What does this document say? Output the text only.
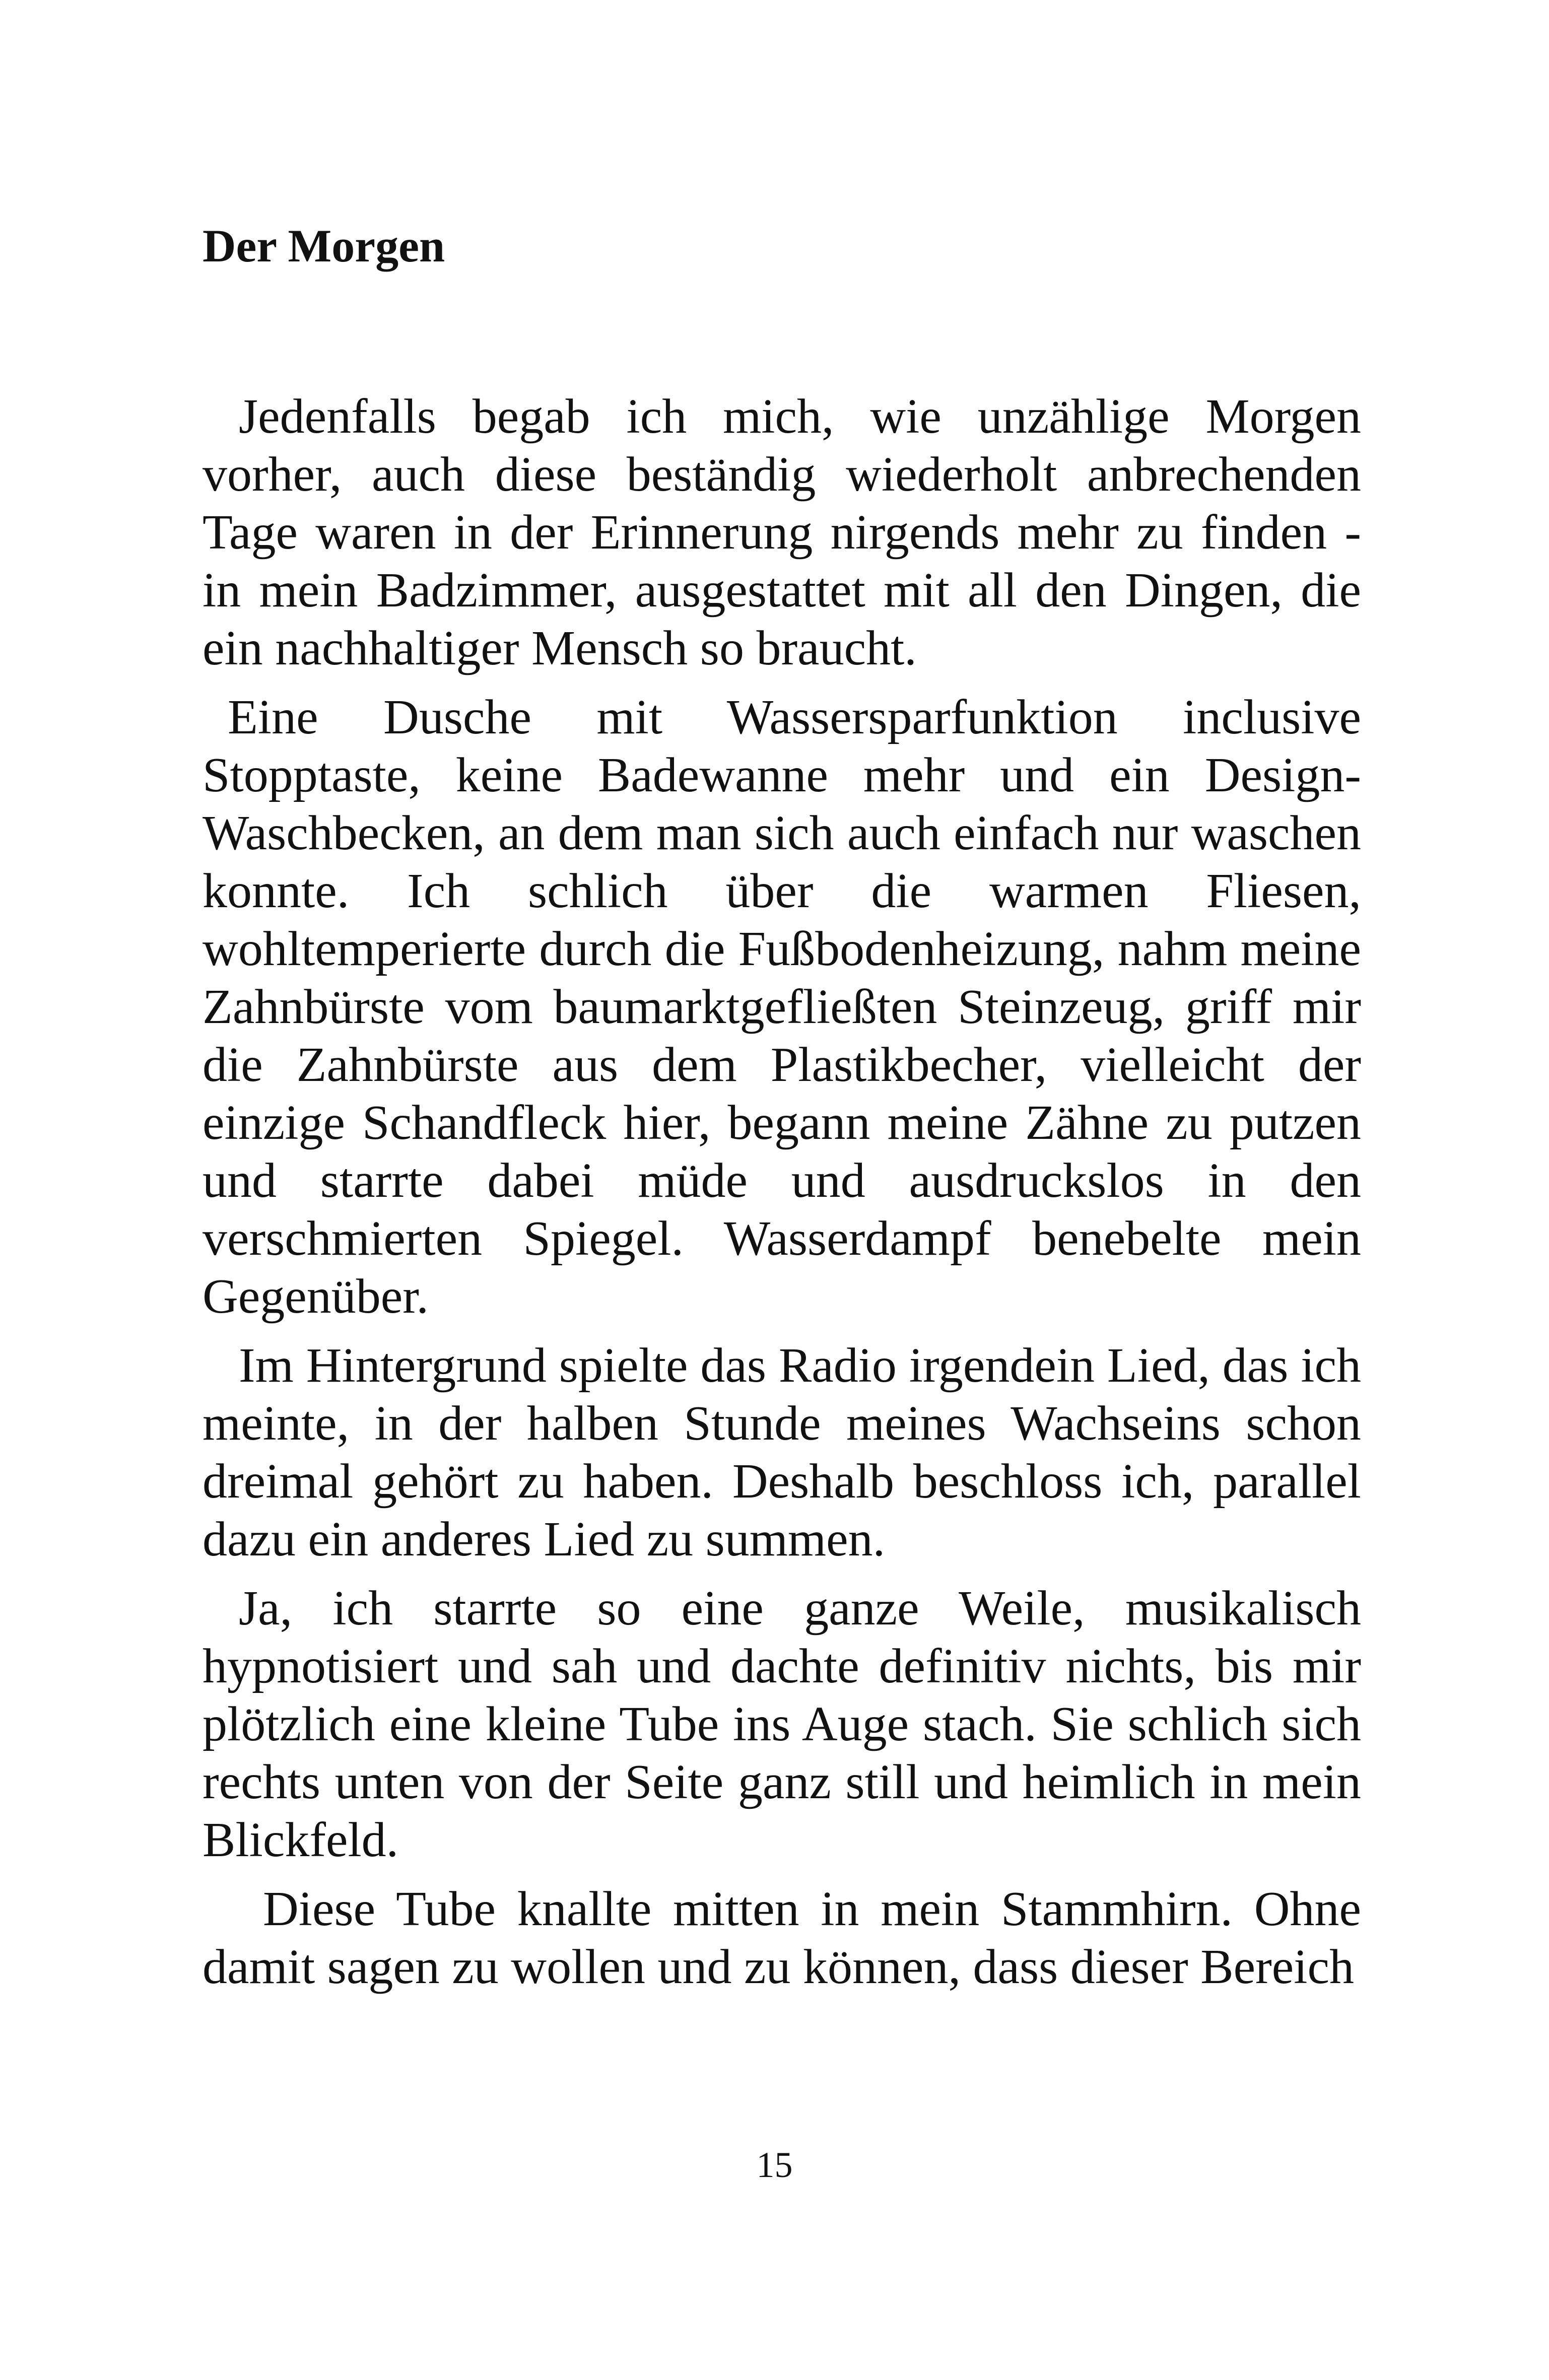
Der Morgen

Jedenfalls begab ich mich, wie unzählige Morgen vorher, auch diese beständig wiederholt anbrechenden Tage waren in der Erinnerung nirgends mehr zu finden - in mein Badzimmer, ausgestattet mit all den Dingen, die ein nachhaltiger Mensch so braucht.

Eine Dusche mit Wassersparfunktion inclusive Stopptaste, keine Badewanne mehr und ein Design-Waschbecken, an dem man sich auch einfach nur waschen konnte. Ich schlich über die warmen Fliesen, wohltemperierte durch die Fußbodenheizung, nahm meine Zahnbürste vom baumarktgefließten Steinzeug, griff mir die Zahnbürste aus dem Plastikbecher, vielleicht der einzige Schandfleck hier, begann meine Zähne zu putzen und starrte dabei müde und ausdruckslos in den verschmierten Spiegel. Wasserdampf benebelte mein Gegenüber.

Im Hintergrund spielte das Radio irgendein Lied, das ich meinte, in der halben Stunde meines Wachseins schon dreimal gehört zu haben. Deshalb beschloss ich, parallel dazu ein anderes Lied zu summen.

Ja, ich starrte so eine ganze Weile, musikalisch hypnotisiert und sah und dachte definitiv nichts, bis mir plötzlich eine kleine Tube ins Auge stach. Sie schlich sich rechts unten von der Seite ganz still und heimlich in mein Blickfeld.

Diese Tube knallte mitten in mein Stammhirn. Ohne damit sagen zu wollen und zu können, dass dieser Bereich

15
